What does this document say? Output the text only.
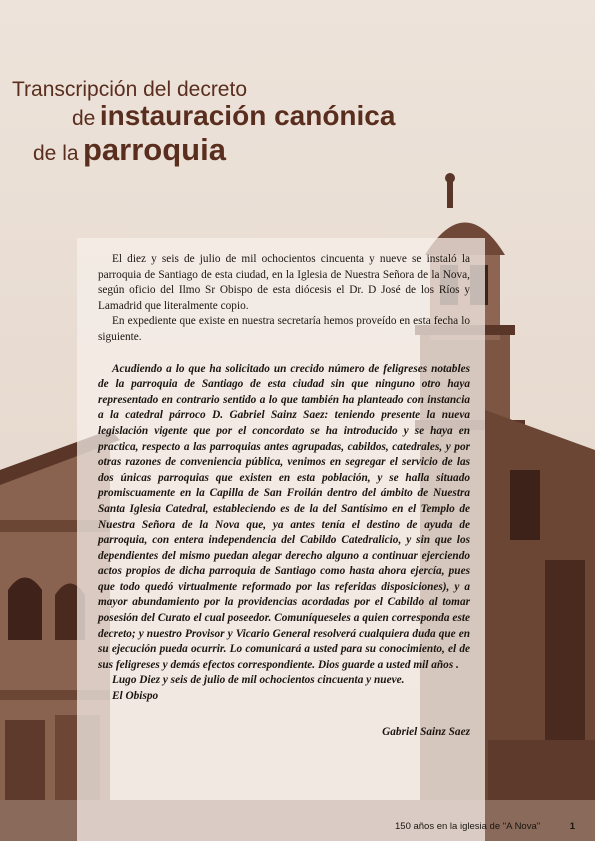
Transcripción del decreto
de instauración canónica
de la parroquia

El diez y seis de julio de mil ochocientos cincuenta y nueve se instaló la parroquia de Santiago de esta ciudad, en la Iglesia de Nuestra Señora de la Nova, según oficio del Ilmo Sr Obispo de esta diócesis el Dr. D José de los Ríos y Lamadrid que literalmente copio.

En expediente que existe en nuestra secretaría hemos proveído en esta fecha lo siguiente.

Acudiendo a lo que ha solicitado un crecido número de feligreses notables de la parroquia de Santiago de esta ciudad sin que ninguno otro haya representado en contrario sentido a lo que también ha planteado con instancia a la catedral párroco D. Gabriel Sainz Saez: teniendo presente la nueva legislación vigente que por el concordato se ha introducido y se haya en practica, respecto a las parroquias antes agrupadas, cabildos, catedrales, y por otras razones de conveniencia pública, venimos en segregar el servicio de las dos únicas parroquias que existen en esta población, y se halla situado promiscuamente en la Capilla de San Froilán dentro del ámbito de Nuestra Santa Iglesia Catedral, estableciendo es de la del Santísimo en el Templo de Nuestra Señora de la Nova que, ya antes tenía el destino de ayuda de parroquia, con entera independencia del Cabildo Catedralicio, y sin que los dependientes del mismo puedan alegar derecho alguno a continuar ejerciendo actos propios de dicha parroquia de Santiago como hasta ahora ejercía, pues que todo quedó virtualmente reformado por las referidas disposiciones), y a mayor abundamiento por la providencias acordadas por el Cabildo al tomar posesión del Curato el cual poseedor. Comuníqueseles a quien corresponda este decreto; y nuestro Provisor y Vicario General resolverá cualquiera duda que en su ejecución pueda ocurrir. Lo comunicará a usted para su conocimiento, el de sus feligreses y demás efectos correspondiente. Dios guarde a usted mil años .

Lugo Diez y seis de julio de mil ochocientos cincuenta y nueve.

El Obispo

Gabriel Sainz Saez

150 años en la iglesia de "A Nova"	1
